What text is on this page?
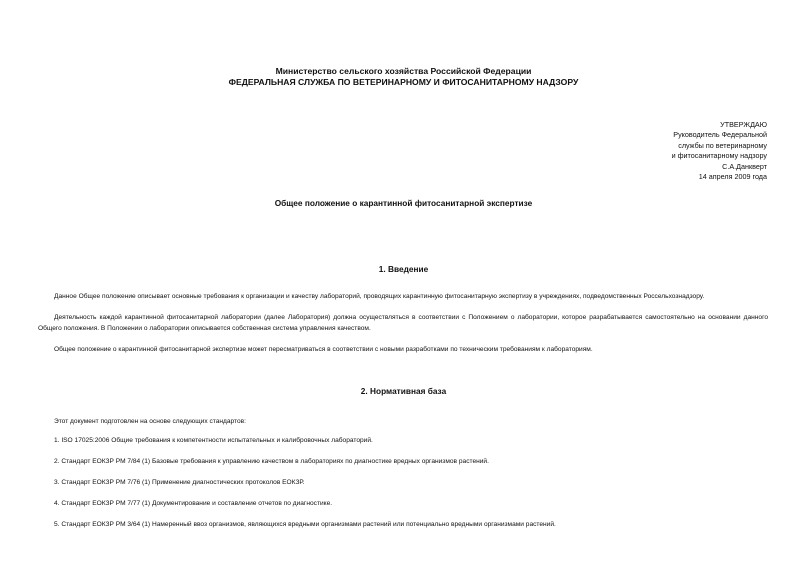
Министерство сельского хозяйства Российской Федерации
ФЕДЕРАЛЬНАЯ СЛУЖБА ПО ВЕТЕРИНАРНОМУ И ФИТОСАНИТАРНОМУ НАДЗОРУ
УТВЕРЖДАЮ
Руководитель Федеральной
службы по ветеринарному
и фитосанитарному надзору
С.А.Данкверт
14 апреля 2009 года
Общее положение о карантинной фитосанитарной экспертизе
1. Введение

Данное Общее положение описывает основные требования к организации и качеству лабораторий, проводящих карантинную фитосанитарную экспертизу в учреждениях, подведомственных Россельхознадзору.

Деятельность каждой карантинной фитосанитарной лаборатории (далее Лаборатория) должна осуществляться в соответствии с Положением о лаборатории, которое разрабатывается самостоятельно на основании данного Общего положения. В Положении о лаборатории описывается собственная система управления качеством.

Общее положение о карантинной фитосанитарной экспертизе может пересматриваться в соответствии с новыми разработками по техническим требованиям к лабораториям.

2. Нормативная база

Этот документ подготовлен на основе следующих стандартов:

1. ISO 17025:2006 Общие требования к компетентности испытательных и калибровочных лабораторий.

2. Стандарт ЕОКЗР РМ 7/84 (1) Базовые требования к управлению качеством в лабораториях по диагностике вредных организмов растений.

3. Стандарт ЕОКЗР РМ 7/76 (1) Применение диагностических протоколов ЕОКЗР.

4. Стандарт ЕОКЗР РМ 7/77 (1) Документирование и составление отчетов по диагностике.

5. Стандарт ЕОКЗР РМ 3/64 (1) Намеренный ввоз организмов, являющихся вредными организмами растений или потенциально вредными организмами растений.
